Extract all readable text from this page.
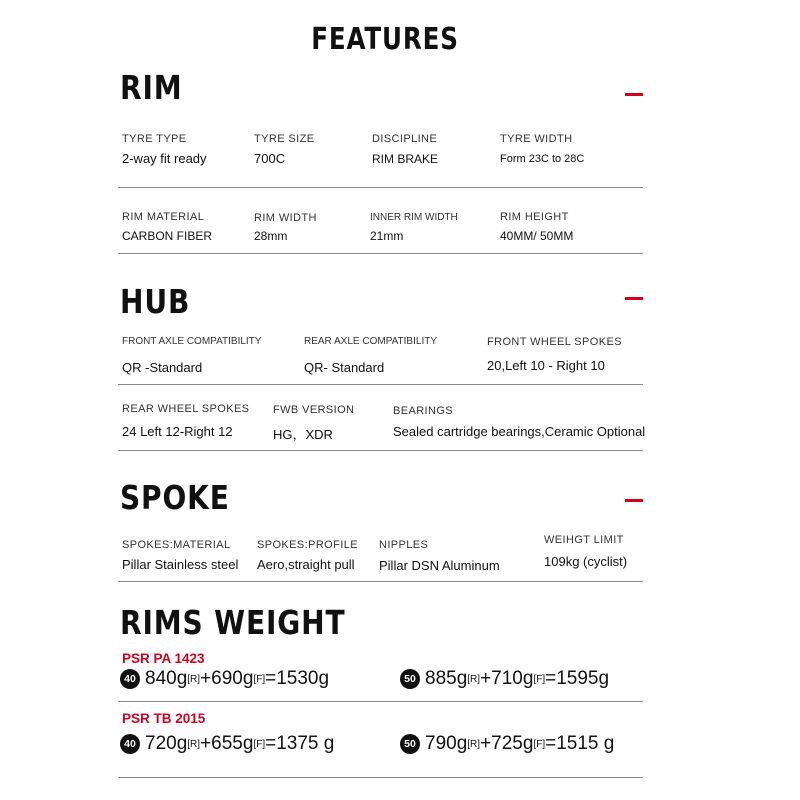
FEATURES
RIM
TYRE TYPE
2-way fit ready
TYRE SIZE
700C
DISCIPLINE
RIM BRAKE
TYRE WIDTH
Form 23C to 28C
RIM MATERIAL
CARBON FIBER
RIM WIDTH
28mm
INNER RIM WIDTH
21mm
RIM HEIGHT
40MM/ 50MM
HUB
FRONT AXLE COMPATIBILITY
QR -Standard
REAR AXLE COMPATIBILITY
QR- Standard
FRONT WHEEL SPOKES
20,Left 10 - Right 10
REAR WHEEL SPOKES
24 Left 12-Right 12
FWB VERSION
HG，XDR
BEARINGS
Sealed cartridge bearings,Ceramic Optional
SPOKE
SPOKES:MATERIAL
Pillar Stainless steel
SPOKES:PROFILE
Aero,straight pull
NIPPLES
Pillar DSN Aluminum
WEIHGT LIMIT
109kg (cyclist)
RIMS WEIGHT
PSR PA 1423
40 840g [R] +690g [F] =1530g	50 885g [R] +710g [F] =1595g
PSR TB 2015
40 720g [R] +655g [F] =1375 g	50 790g [R] +725g [F] =1515 g
